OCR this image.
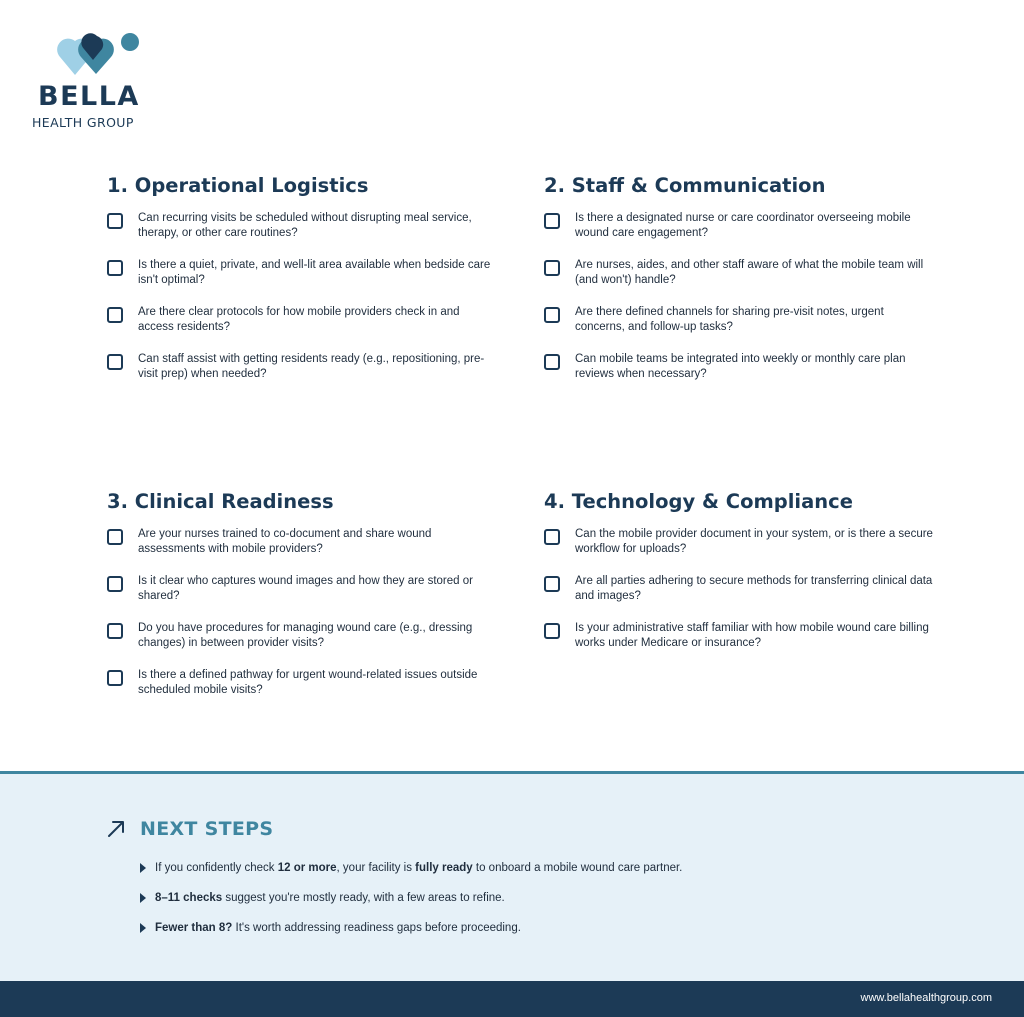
BELLA
HEALTH GROUP
1. Operational Logistics
Can recurring visits be scheduled without disrupting meal service, therapy, or other care routines?
Is there a quiet, private, and well-lit area available when bedside care isn't optimal?
Are there clear protocols for how mobile providers check in and access residents?
Can staff assist with getting residents ready (e.g., repositioning, pre-visit prep) when needed?
2. Staff & Communication
Is there a designated nurse or care coordinator overseeing mobile wound care engagement?
Are nurses, aides, and other staff aware of what the mobile team will (and won't) handle?
Are there defined channels for sharing pre-visit notes, urgent concerns, and follow-up tasks?
Can mobile teams be integrated into weekly or monthly care plan reviews when necessary?
3. Clinical Readiness
Are your nurses trained to co-document and share wound assessments with mobile providers?
Is it clear who captures wound images and how they are stored or shared?
Do you have procedures for managing wound care (e.g., dressing changes) in between provider visits?
Is there a defined pathway for urgent wound-related issues outside scheduled mobile visits?
4. Technology & Compliance
Can the mobile provider document in your system, or is there a secure workflow for uploads?
Are all parties adhering to secure methods for transferring clinical data and images?
Is your administrative staff familiar with how mobile wound care billing works under Medicare or insurance?
NEXT STEPS
If you confidently check 12 or more, your facility is fully ready to onboard a mobile wound care partner.
8–11 checks suggest you're mostly ready, with a few areas to refine.
Fewer than 8? It's worth addressing readiness gaps before proceeding.
www.bellahealthgroup.com
